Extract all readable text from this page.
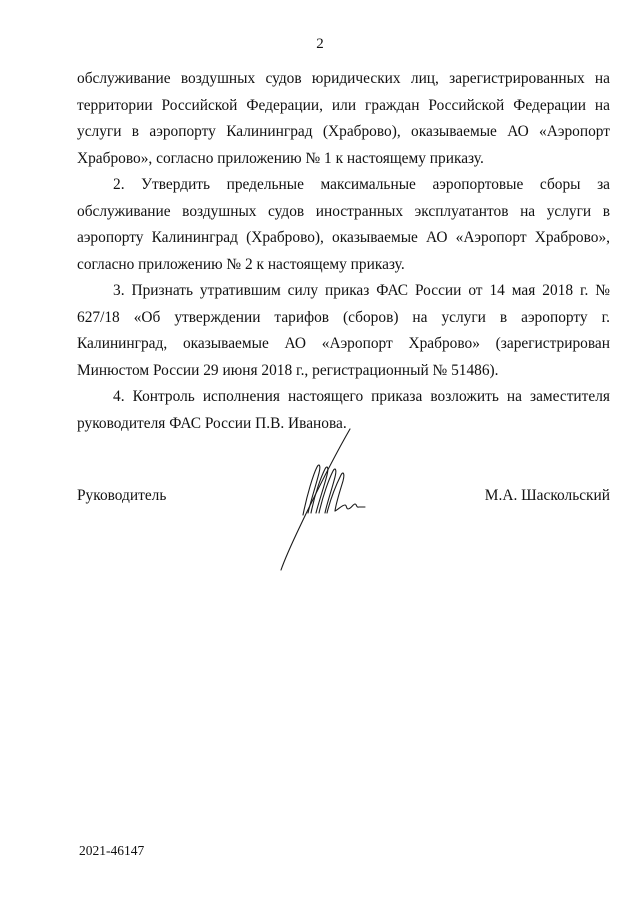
2

обслуживание воздушных судов юридических лиц, зарегистрированных на территории Российской Федерации, или граждан Российской Федерации на услуги в аэропорту Калининград (Храброво), оказываемые АО «Аэропорт Храброво», согласно приложению № 1 к настоящему приказу.

2. Утвердить предельные максимальные аэропортовые сборы за обслуживание воздушных судов иностранных эксплуатантов на услуги в аэропорту Калининград (Храброво), оказываемые АО «Аэропорт Храброво», согласно приложению № 2 к настоящему приказу.

3. Признать утратившим силу приказ ФАС России от 14 мая 2018 г. № 627/18 «Об утверждении тарифов (сборов) на услуги в аэропорту г. Калининград, оказываемые АО «Аэропорт Храброво» (зарегистрирован Минюстом России 29 июня 2018 г., регистрационный № 51486).

4. Контроль исполнения настоящего приказа возложить на заместителя руководителя ФАС России П.В. Иванова.

Руководитель	М.А. Шаскольский
2021-46147
